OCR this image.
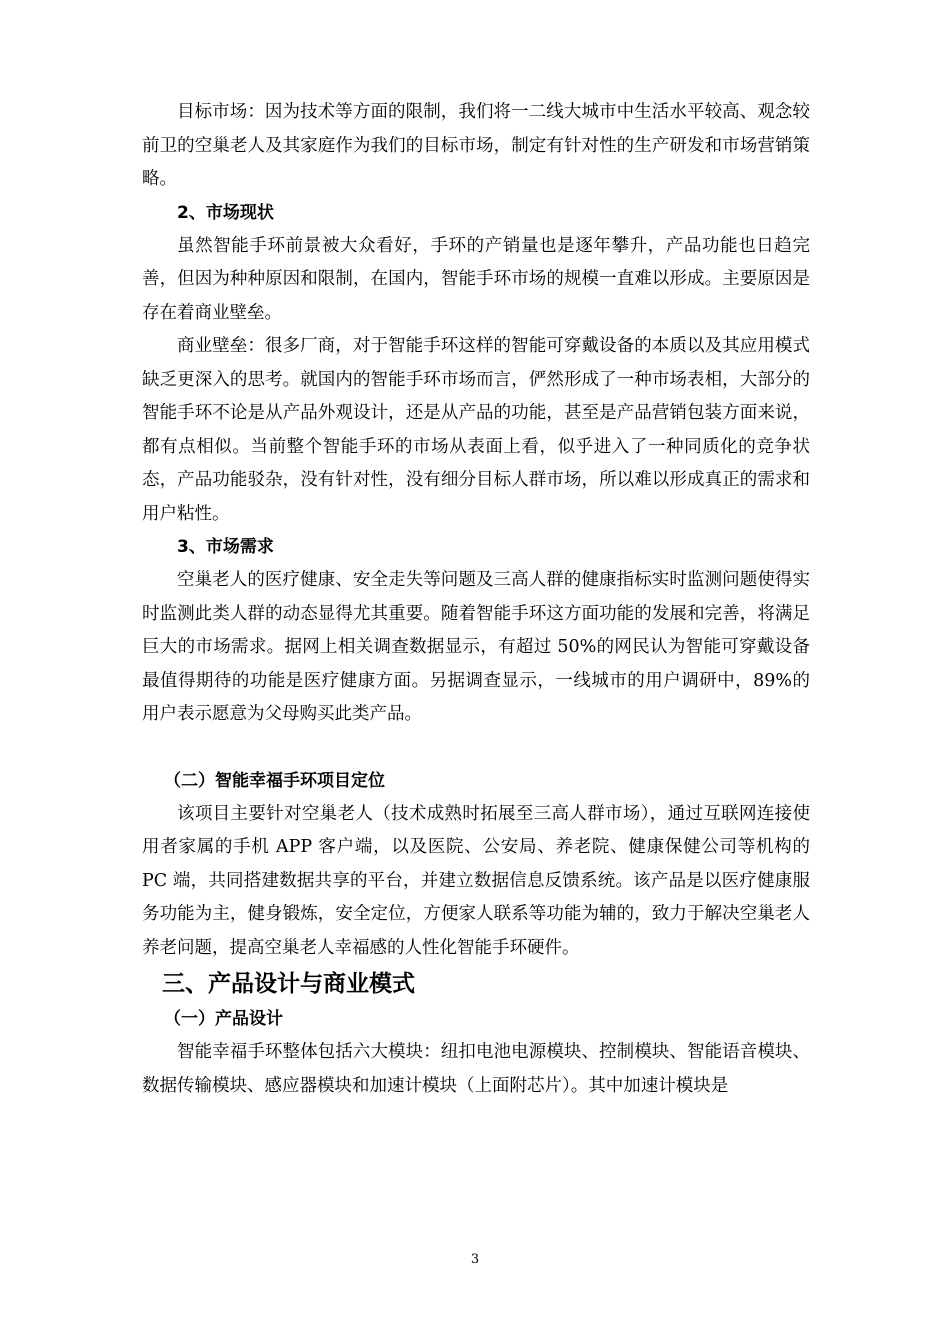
目标市场：因为技术等方面的限制，我们将一二线大城市中生活水平较高、观念较前卫的空巢老人及其家庭作为我们的目标市场，制定有针对性的生产研发和市场营销策略。

2、市场现状

虽然智能手环前景被大众看好，手环的产销量也是逐年攀升，产品功能也日趋完善，但因为种种原因和限制，在国内，智能手环市场的规模一直难以形成。主要原因是存在着商业壁垒。

商业壁垒：很多厂商，对于智能手环这样的智能可穿戴设备的本质以及其应用模式缺乏更深入的思考。就国内的智能手环市场而言，俨然形成了一种市场表相，大部分的智能手环不论是从产品外观设计，还是从产品的功能，甚至是产品营销包装方面来说，都有点相似。当前整个智能手环的市场从表面上看，似乎进入了一种同质化的竞争状态，产品功能驳杂，没有针对性，没有细分目标人群市场，所以难以形成真正的需求和用户粘性。

3、市场需求

空巢老人的医疗健康、安全走失等问题及三高人群的健康指标实时监测问题使得实时监测此类人群的动态显得尤其重要。随着智能手环这方面功能的发展和完善，将满足巨大的市场需求。据网上相关调查数据显示，有超过 50%的网民认为智能可穿戴设备最值得期待的功能是医疗健康方面。另据调查显示，一线城市的用户调研中，89%的用户表示愿意为父母购买此类产品。

（二）智能幸福手环项目定位

该项目主要针对空巢老人（技术成熟时拓展至三高人群市场），通过互联网连接使用者家属的手机 APP 客户端，以及医院、公安局、养老院、健康保健公司等机构的 PC 端，共同搭建数据共享的平台，并建立数据信息反馈系统。该产品是以医疗健康服务功能为主，健身锻炼，安全定位，方便家人联系等功能为辅的，致力于解决空巢老人养老问题，提高空巢老人幸福感的人性化智能手环硬件。

三、产品设计与商业模式

（一）产品设计

智能幸福手环整体包括六大模块：纽扣电池电源模块、控制模块、智能语音模块、数据传输模块、感应器模块和加速计模块（上面附芯片）。其中加速计模块是

3
